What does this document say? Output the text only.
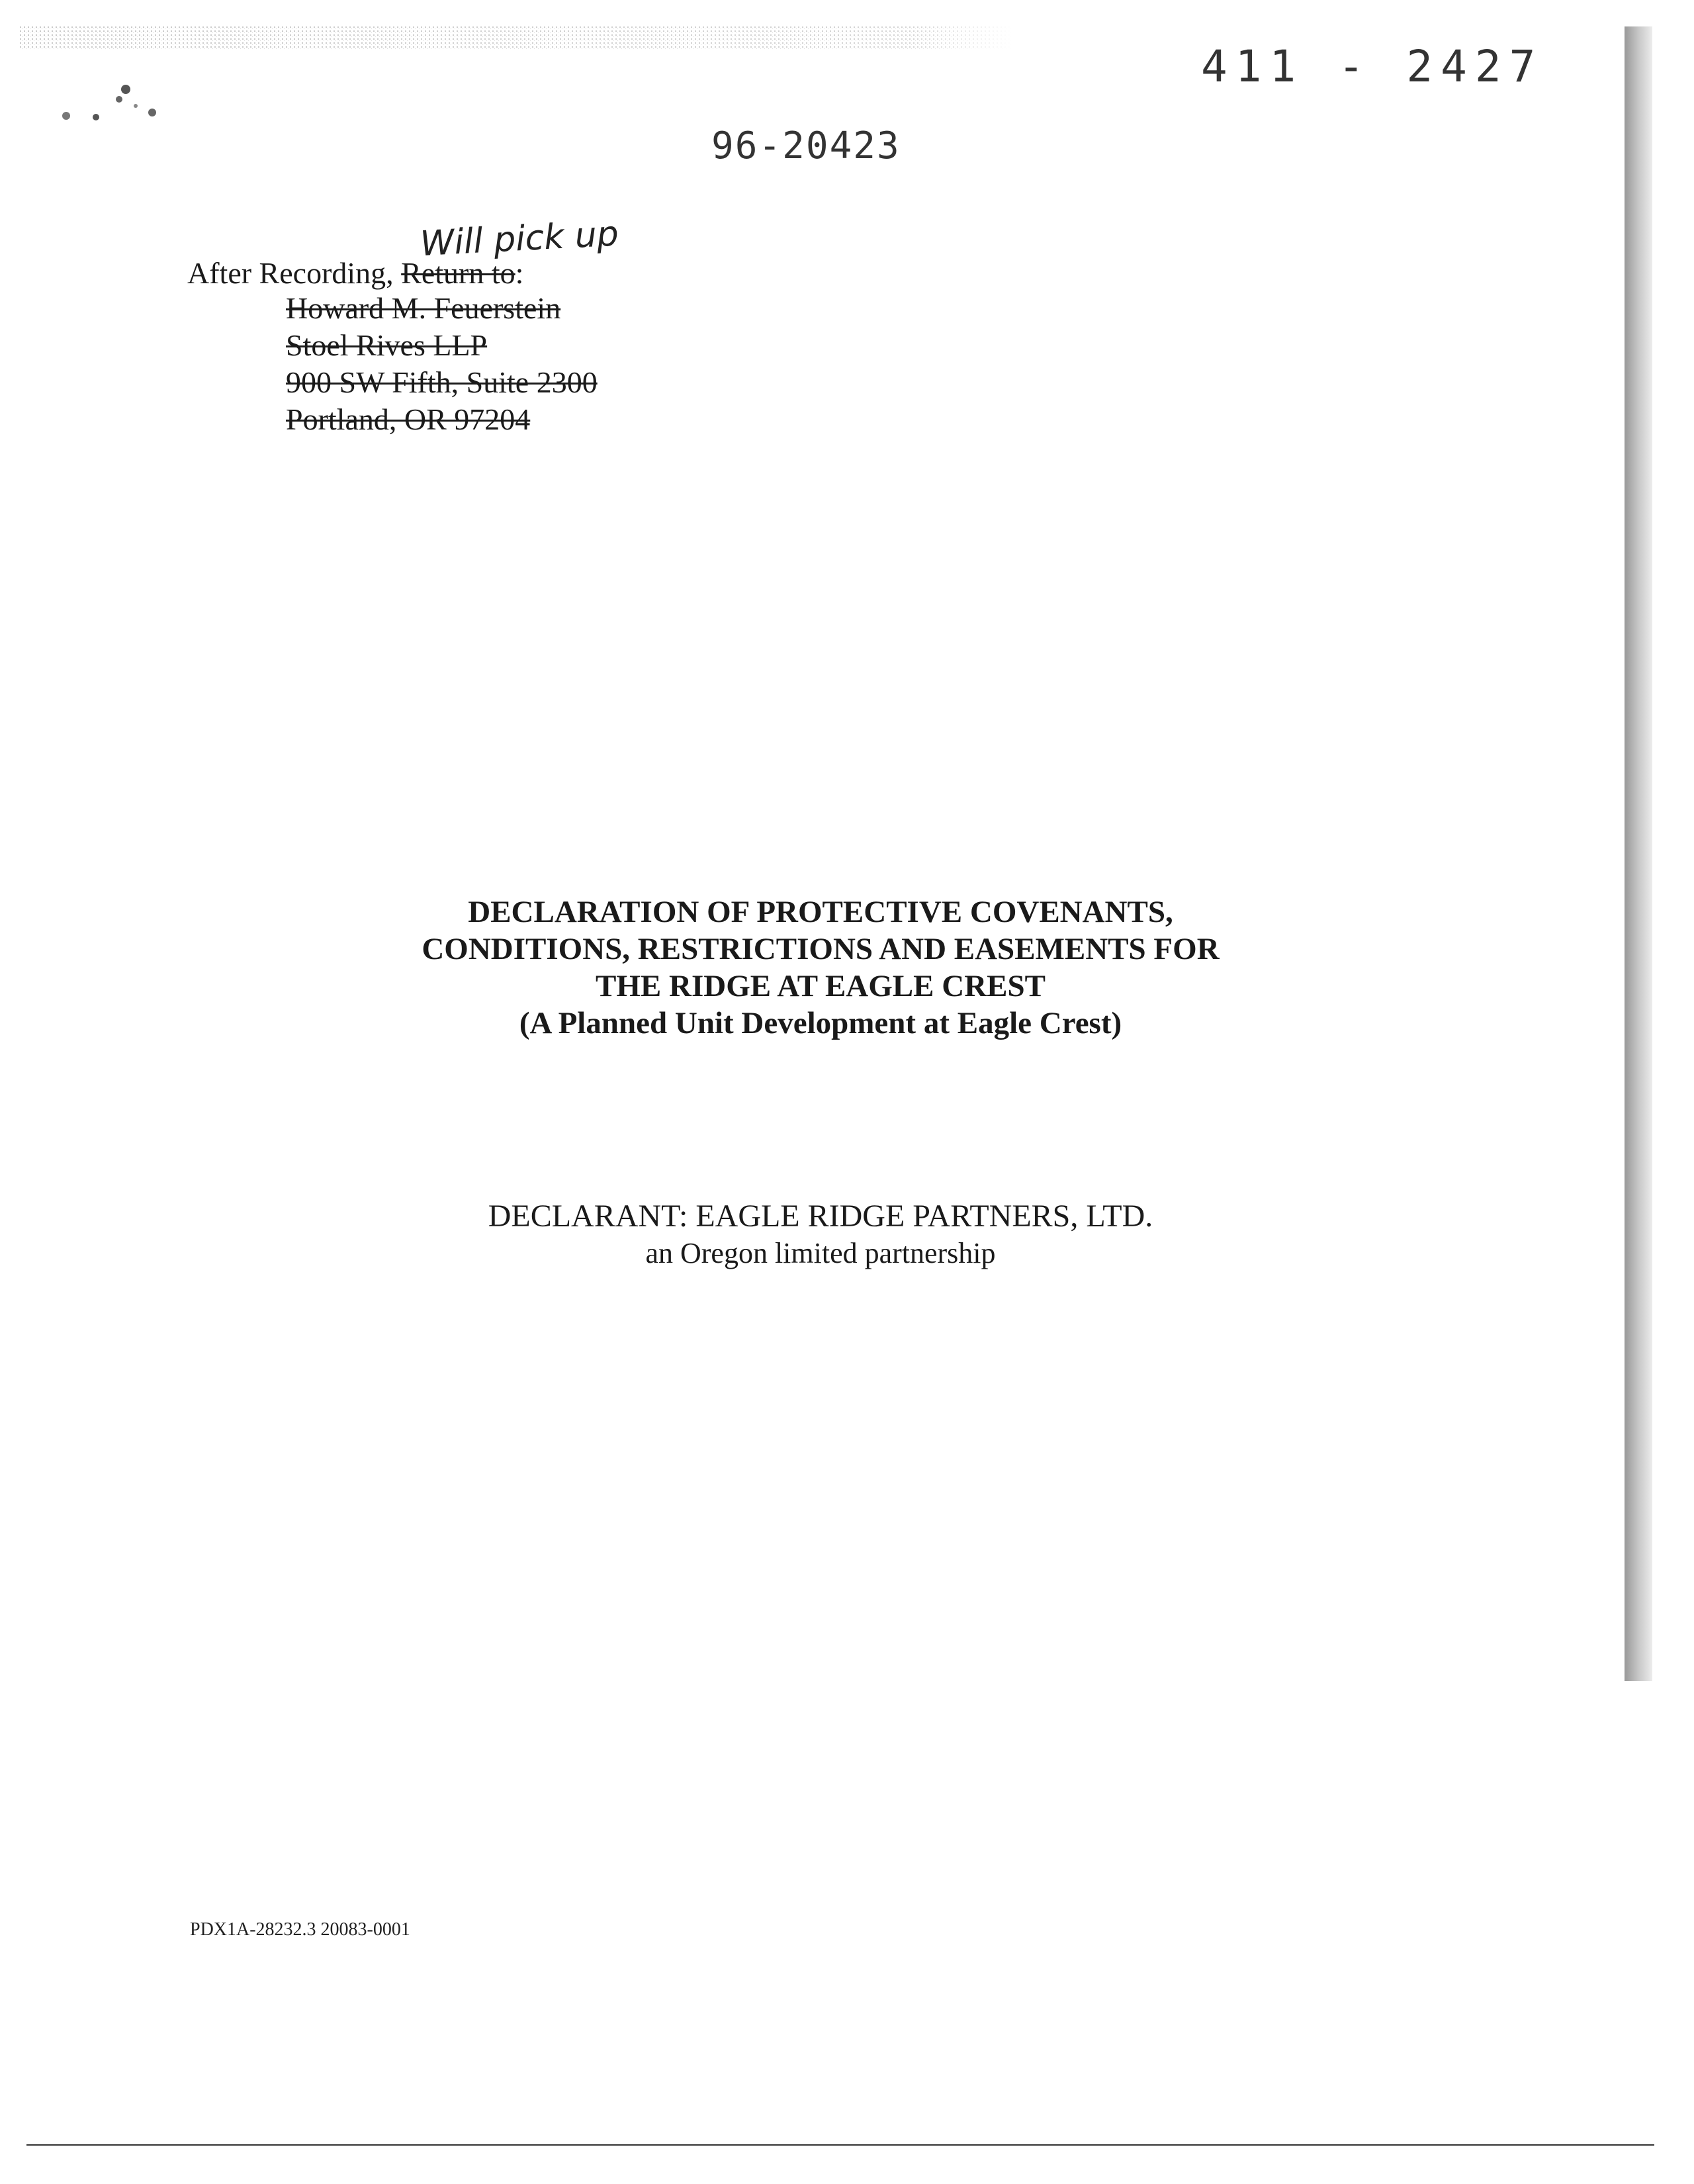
411 - 2427
96-20423
After Recording, Return to:
Will pick up
Howard M. Feuerstein
Stoel Rives LLP
900 SW Fifth, Suite 2300
Portland, OR 97204
DECLARATION OF PROTECTIVE COVENANTS,
CONDITIONS, RESTRICTIONS AND EASEMENTS FOR
THE RIDGE AT EAGLE CREST
(A Planned Unit Development at Eagle Crest)
DECLARANT: EAGLE RIDGE PARTNERS, LTD.
an Oregon limited partnership
PDX1A-28232.3 20083-0001
